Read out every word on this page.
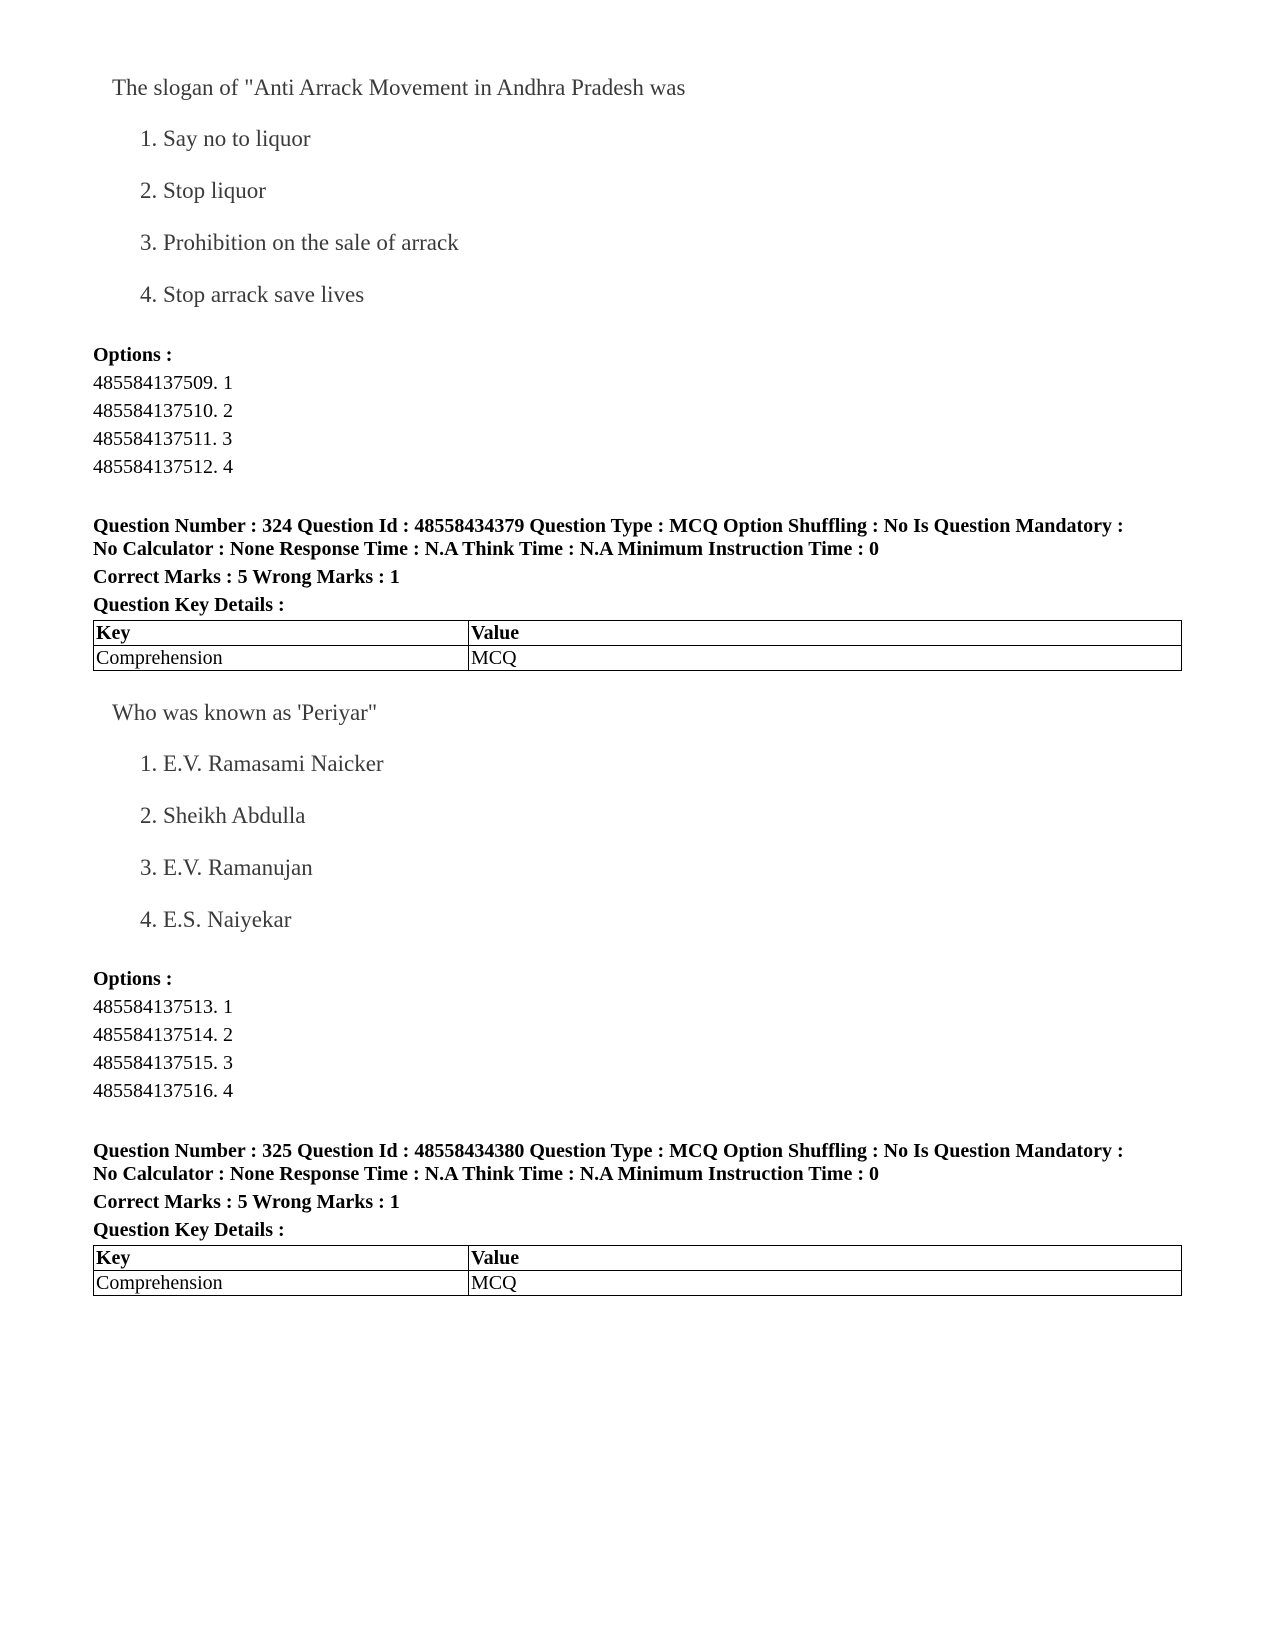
The slogan of "Anti Arrack Movement in Andhra Pradesh was

1. Say no to liquor
2. Stop liquor
3. Prohibition on the sale of arrack
4. Stop arrack save lives
Options :
485584137509. 1
485584137510. 2
485584137511. 3
485584137512. 4
Question Number : 324 Question Id : 48558434379 Question Type : MCQ Option Shuffling : No Is Question Mandatory :
No Calculator : None Response Time : N.A Think Time : N.A Minimum Instruction Time : 0
Correct Marks : 5 Wrong Marks : 1
Question Key Details :
Key	Value
Comprehension	MCQ

Who was known as 'Periyar"

1. E.V. Ramasami Naicker
2. Sheikh Abdulla
3. E.V. Ramanujan
4. E.S. Naiyekar
Options :
485584137513. 1
485584137514. 2
485584137515. 3
485584137516. 4
Question Number : 325 Question Id : 48558434380 Question Type : MCQ Option Shuffling : No Is Question Mandatory :
No Calculator : None Response Time : N.A Think Time : N.A Minimum Instruction Time : 0
Correct Marks : 5 Wrong Marks : 1
Question Key Details :
Key	Value
Comprehension	MCQ
